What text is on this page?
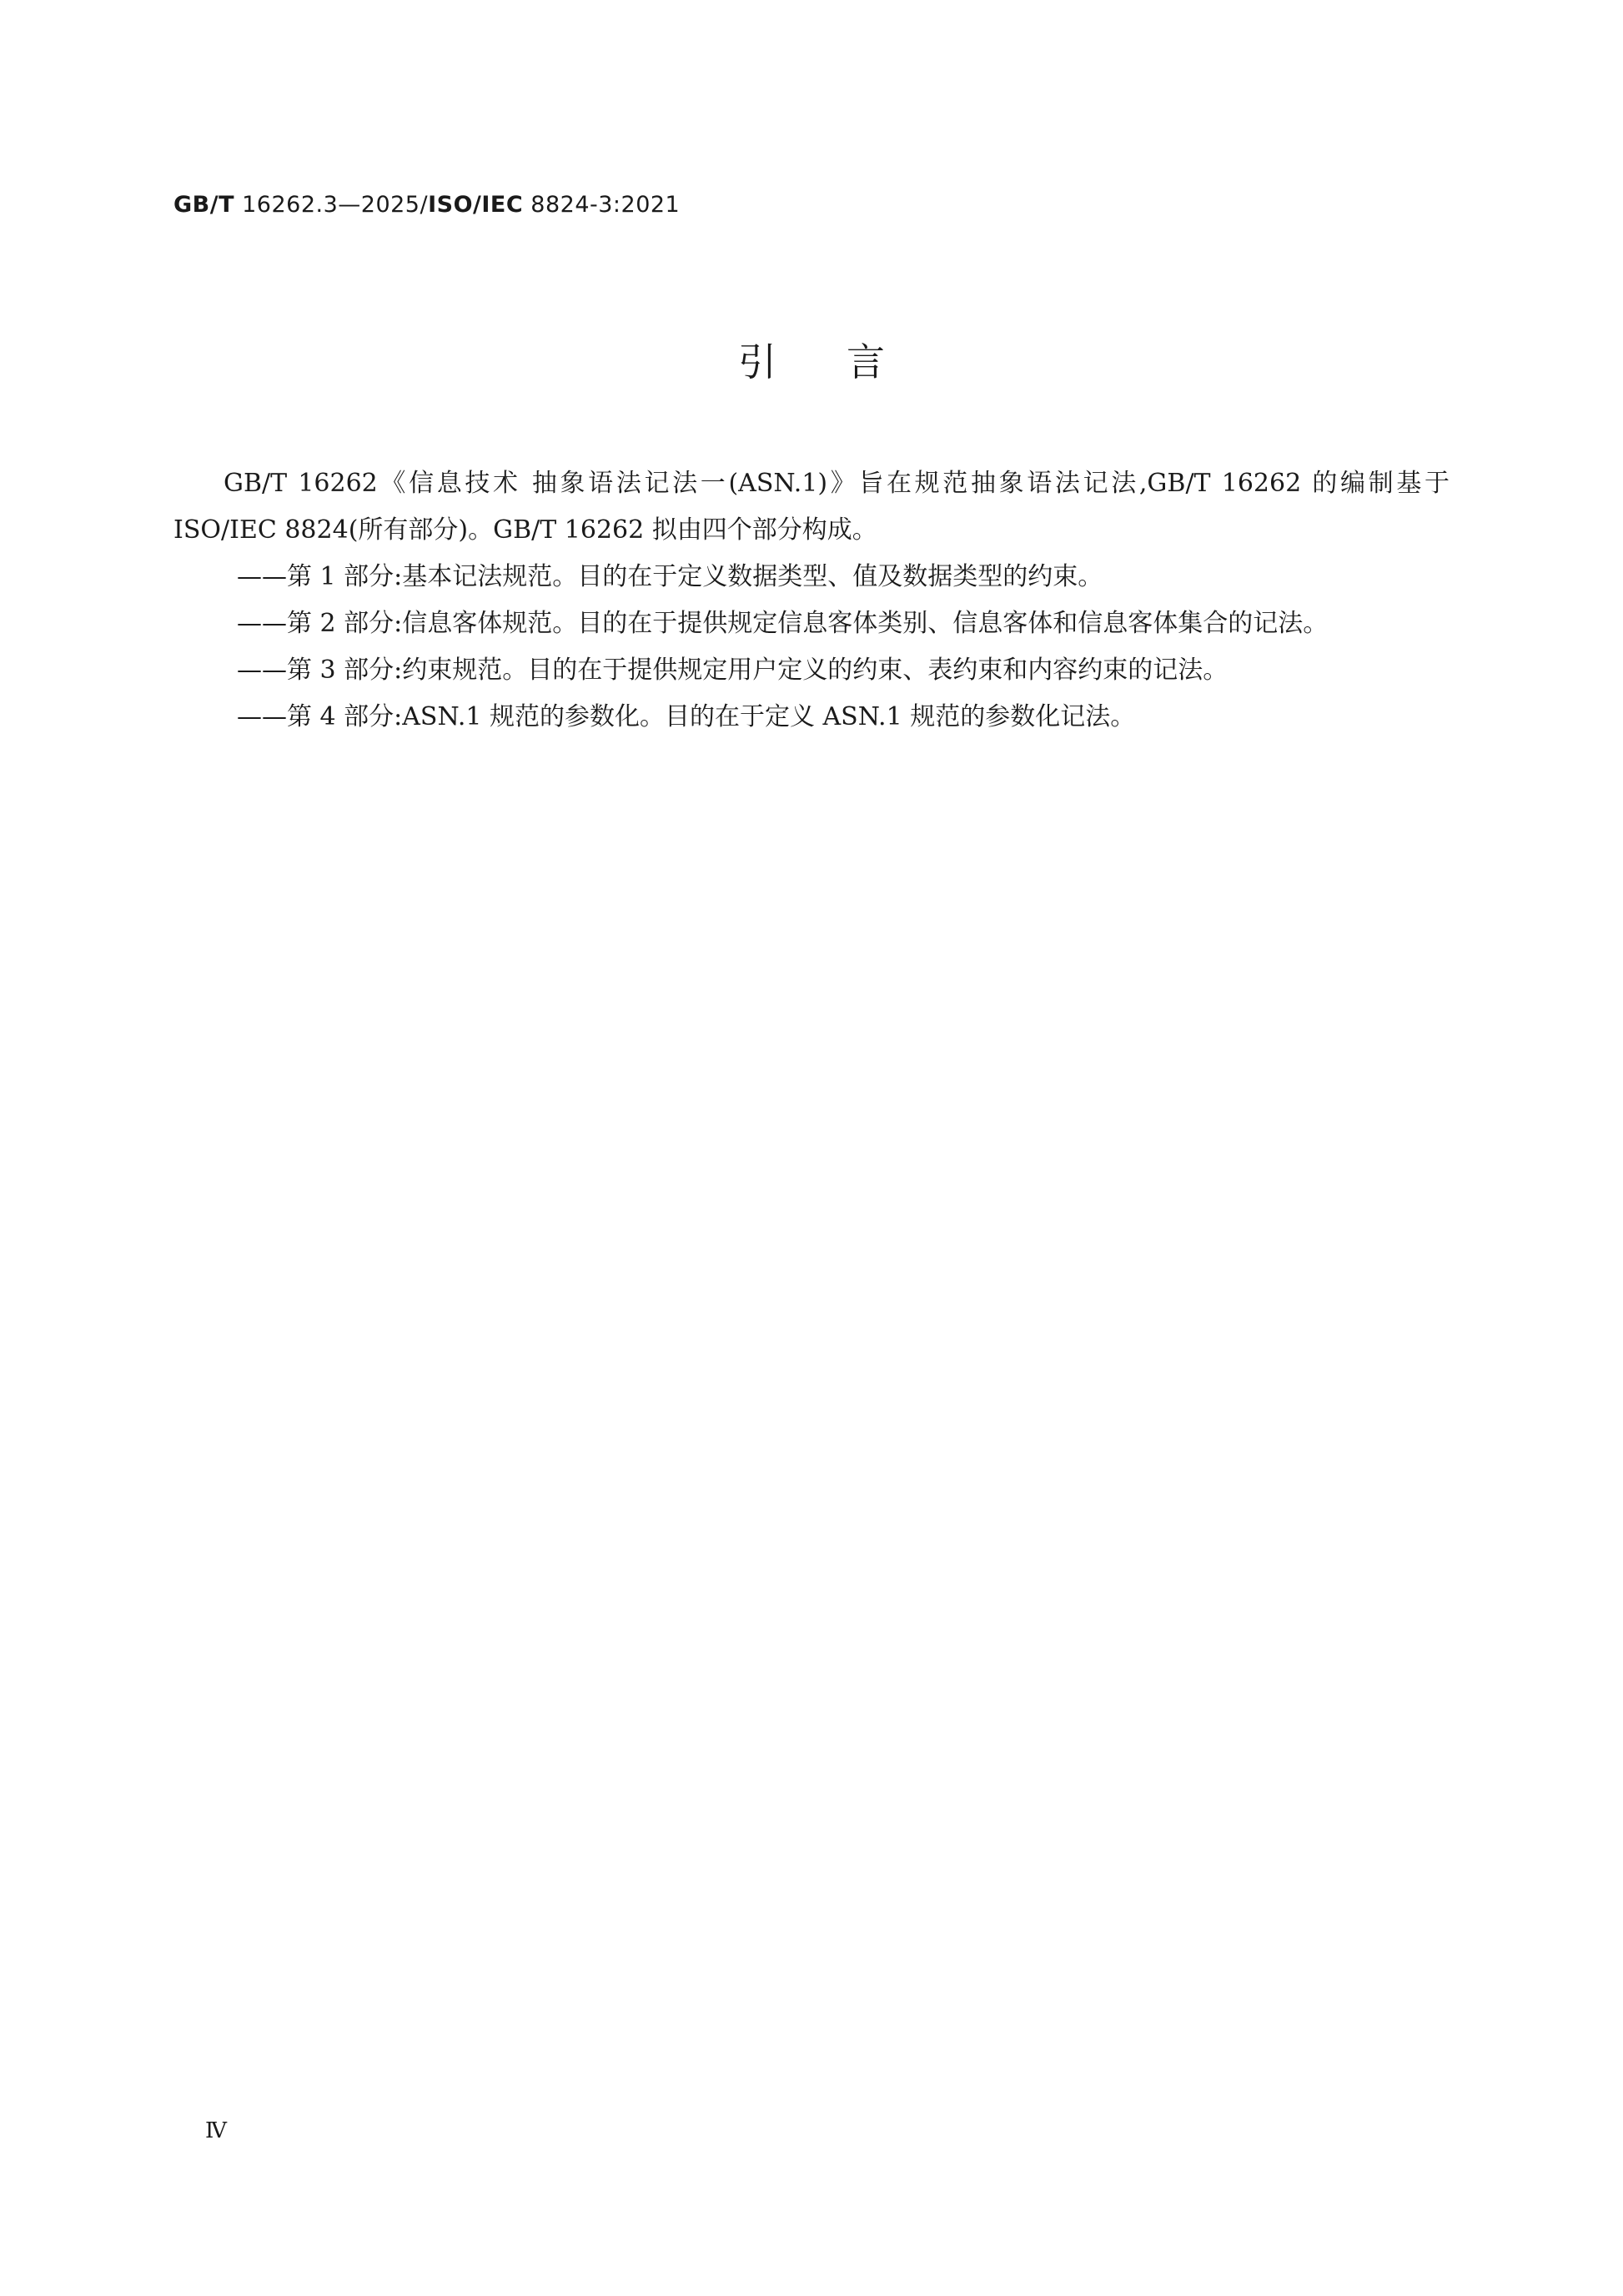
GB/T 16262.3—2025/ISO/IEC 8824-3:2021
引言

GB/T 16262《信息技术 抽象语法记法一(ASN.1)》旨在规范抽象语法记法,GB/T 16262 的编制基于 ISO/IEC 8824(所有部分)。GB/T 16262 拟由四个部分构成。

——第 1 部分:基本记法规范。目的在于定义数据类型、值及数据类型的约束。

——第 2 部分:信息客体规范。目的在于提供规定信息客体类别、信息客体和信息客体集合的记法。

——第 3 部分:约束规范。目的在于提供规定用户定义的约束、表约束和内容约束的记法。

——第 4 部分:ASN.1 规范的参数化。目的在于定义 ASN.1 规范的参数化记法。

Ⅳ
